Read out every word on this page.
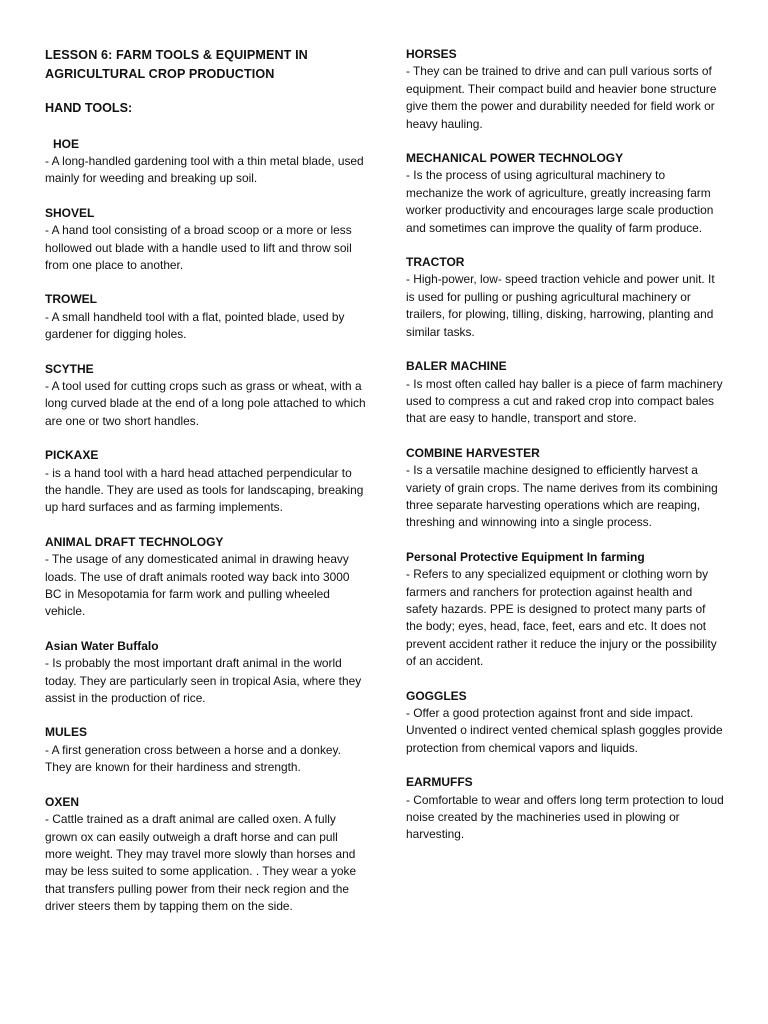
LESSON 6: FARM TOOLS & EQUIPMENT IN AGRICULTURAL CROP PRODUCTION
HAND TOOLS:
HOE

- A long-handled gardening tool with a thin metal blade, used mainly for weeding and breaking up soil.

SHOVEL

- A hand tool consisting of a broad scoop or a more or less hollowed out blade with a handle used to lift and throw soil from one place to another.

TROWEL

- A small handheld tool with a flat, pointed blade, used by gardener for digging holes.

SCYTHE

- A tool used for cutting crops such as grass or wheat, with a long curved blade at the end of a long pole attached to which are one or two short handles.

PICKAXE

- is a hand tool with a hard head attached perpendicular to the handle. They are used as tools for landscaping, breaking up hard surfaces and as farming implements.

ANIMAL DRAFT TECHNOLOGY

- The usage of any domesticated animal in drawing heavy loads. The use of draft animals rooted way back into 3000 BC in Mesopotamia for farm work and pulling wheeled vehicle.

Asian Water Buffalo

- Is probably the most important draft animal in the world today. They are particularly seen in tropical Asia, where they assist in the production of rice.

MULES

- A first generation cross between a horse and a donkey. They are known for their hardiness and strength.

OXEN

- Cattle trained as a draft animal are called oxen. A fully grown ox can easily outweigh a draft horse and can pull more weight. They may travel more slowly than horses and may be less suited to some application. . They wear a yoke that transfers pulling power from their neck region and the driver steers them by tapping them on the side.

HORSES

- They can be trained to drive and can pull various sorts of equipment. Their compact build and heavier bone structure give them the power and durability needed for field work or heavy hauling.

MECHANICAL POWER TECHNOLOGY

- Is the process of using agricultural machinery to mechanize the work of agriculture, greatly increasing farm worker productivity and encourages large scale production and sometimes can improve the quality of farm produce.

TRACTOR

- High-power, low- speed traction vehicle and power unit. It is used for pulling or pushing agricultural machinery or trailers, for plowing, tilling, disking, harrowing, planting and similar tasks.

BALER MACHINE

- Is most often called hay baller is a piece of farm machinery used to compress a cut and raked crop into compact bales that are easy to handle, transport and store.

COMBINE HARVESTER

- Is a versatile machine designed to efficiently harvest a variety of grain crops. The name derives from its combining three separate harvesting operations which are reaping, threshing and winnowing into a single process.

Personal Protective Equipment In farming

- Refers to any specialized equipment or clothing worn by farmers and ranchers for protection against health and safety hazards. PPE is designed to protect many parts of the body; eyes, head, face, feet, ears and etc. It does not prevent accident rather it reduce the injury or the possibility of an accident.

GOGGLES

- Offer a good protection against front and side impact. Unvented o indirect vented chemical splash goggles provide protection from chemical vapors and liquids.

EARMUFFS

- Comfortable to wear and offers long term protection to loud noise created by the machineries used in plowing or harvesting.
